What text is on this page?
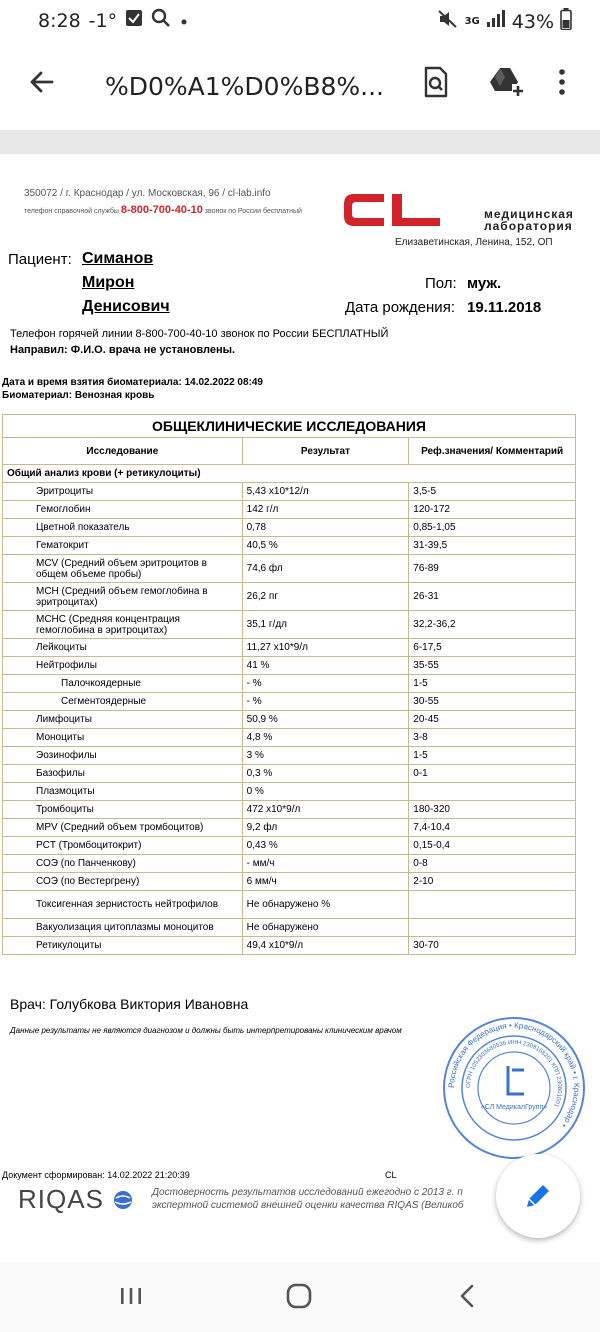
8:28 -1°	3G 43%
%D0%A1%D0%B8%...
350072 / г. Краснодар / ул. Московская, 96 / cl-lab.info
телефон справочной службы 8-800-700-40-10 звонок по России бесплатный	медицинская
лаборатория
Елизаветинская, Ленина, 152, ОП
Пациент: Симанов
Мирон
Денисович
Пол: муж.
Дата рождения: 19.11.2018
Телефон горячей линии 8-800-700-40-10 звонок по России БЕСПЛАТНЫЙ
Направил: Ф.И.О. врача не установлены.
Дата и время взятия биоматериала: 14.02.2022 08:49
Биоматериал: Венозная кровь
ОБЩЕКЛИНИЧЕСКИЕ ИССЛЕДОВАНИЯ		
Исследование	Результат	Реф.значения/ Комментарий
Общий анализ крови (+ ретикулоциты)		
Эритроциты	5,43 x10*12/л	3,5-5
Гемоглобин	142 г/л	120-172
Цветной показатель	0,78	0,85-1,05
Гематокрит	40,5 %	31-39,5
MCV (Средний объем эритроцитов в общем объеме пробы)	74,6 фл	76-89
MCH (Средний объем гемоглобина в эритроцитах)	26,2 пг	26-31
MCHC (Средняя концентрация гемоглобина в эритроцитах)	35,1 г/дл	32,2-36,2
Лейкоциты	11,27 x10*9/л	6-17,5
Нейтрофилы	41 %	35-55
Палочкоядерные	- %	1-5
Сегментоядерные	- %	30-55
Лимфоциты	50,9 %	20-45
Моноциты	4,8 %	3-8
Эозинофилы	3 %	1-5
Базофилы	0,3 %	0-1
Плазмоциты	0 %	
Тромбоциты	472 x10*9/л	180-320
MPV (Средний объем тромбоцитов)	9,2 фл	7,4-10,4
PCT (Тромбоцитокрит)	0,43 %	0,15-0,4
СОЭ (по Панченкову)	- мм/ч	0-8
СОЭ (по Вестергрену)	6 мм/ч	2-10
Токсигенная зернистость нейтрофилов	Не обнаружено %	
Вакуолизация цитоплазмы моноцитов	Не обнаружено	
Ретикулоциты	49,4 x10*9/л	30-70
Врач: Голубкова Виктория Ивановна
Данные результаты не являются диагнозом и должны быть интерпретированы клиническим врачом
Российская Федерация • Краснодарский край • г. Краснодар •
ОГРН 1052303680536 ИНН 2308108201 КПП 230801001
«СЛ МедикалГрупп»
Документ сформирован: 14.02.2022 21:20:39	CL
RIQAS	Достоверность результатов исследований ежегодно с 2013 г. п
экспертной системой внешней оценки качества RIQAS (Великоб
